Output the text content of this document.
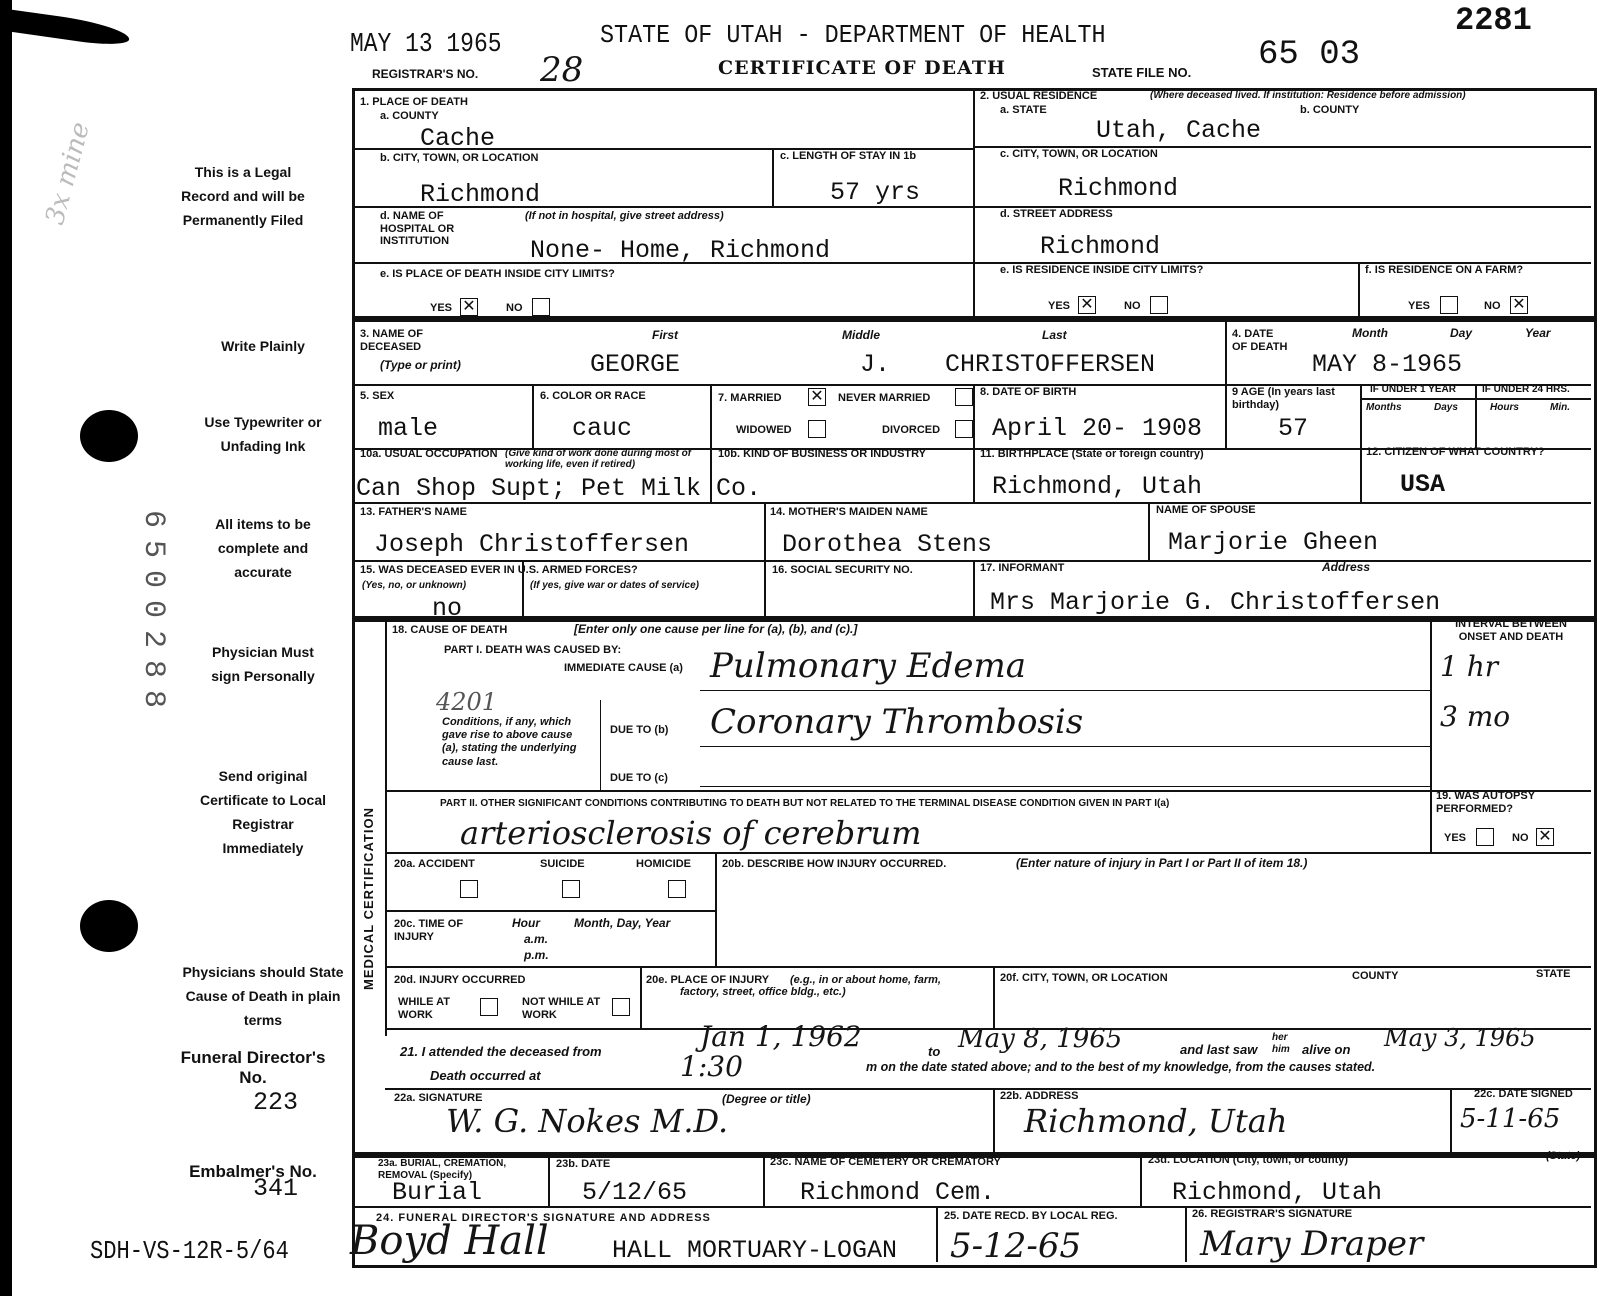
MAY 13 1965
REGISTRAR'S NO. 28
STATE OF UTAH - DEPARTMENT OF HEALTH
CERTIFICATE OF DEATH	STATE FILE NO. 65 03
2281
3x mine	This is a Legal Record and will be Permanently Filed
Write Plainly
Use Typewriter or Unfading Ink
All items to be complete and accurate
Physician Must sign Personally
Send original Certificate to Local Registrar Immediately
Physicians should State Cause of Death in plain terms
Funeral Director's No.
223
Embalmer's No.
341
SDH-VS-12R-5/64
6500288
1. PLACE OF DEATH
a. COUNTY
Cache
b. CITY, TOWN, OR LOCATION
Richmond
c. LENGTH OF STAY IN 1b
57 yrs
d. NAME OF HOSPITAL OR INSTITUTION
(If not in hospital, give street address)
None- Home, Richmond
e. IS PLACE OF DEATH INSIDE CITY LIMITS?
YES ✕	NO
2. USUAL RESIDENCE	(Where deceased lived. If institution: Residence before admission)
a. STATE	b. COUNTY
Utah, Cache
c. CITY, TOWN, OR LOCATION
Richmond
d. STREET ADDRESS
Richmond
e. IS RESIDENCE INSIDE CITY LIMITS?
YES ✕	NO
f. IS RESIDENCE ON A FARM?
YES	NO ✕
3. NAME OF DECEASED
(Type or print)
First	Middle	Last
GEORGE	J. CHRISTOFFERSEN
4. DATE OF DEATH
Month	Day	Year
MAY 8-1965
5. SEX
male
6. COLOR OR RACE
cauc
7. MARRIED ✕ NEVER MARRIED
WIDOWED	DIVORCED
8. DATE OF BIRTH
April 20- 1908
9 AGE (In years last birthday)
57
IF UNDER 1 YEAR	IF UNDER 24 HRS.
Months	Days	Hours	Min.
10a. USUAL OCCUPATION (Give kind of work done during most of working life, even if retired)
Can Shop Supt; Pet Milk Co.
10b. KIND OF BUSINESS OR INDUSTRY	11. BIRTHPLACE (State or foreign country)
Richmond, Utah
12. CITIZEN OF WHAT COUNTRY?
USA
13. FATHER'S NAME
Joseph Christoffersen
14. MOTHER'S MAIDEN NAME
Dorothea Stens
NAME OF SPOUSE
Marjorie Gheen
15. WAS DECEASED EVER IN U.S. ARMED FORCES?
(Yes, no, or unknown)	(If yes, give war or dates of service)
no
16. SOCIAL SECURITY NO.	17. INFORMANT	Address
Mrs Marjorie G. Christoffersen
MEDICAL CERTIFICATION
18. CAUSE OF DEATH	[Enter only one cause per line for (a), (b), and (c).]
PART I. DEATH WAS CAUSED BY:
IMMEDIATE CAUSE (a) Pulmonary Edema
INTERVAL BETWEEN ONSET AND DEATH
1 hr
4201
Conditions, if any, which gave rise to above cause (a), stating the underlying cause last.
DUE TO (b) Coronary Thrombosis	3 mo
DUE TO (c)
PART II. OTHER SIGNIFICANT CONDITIONS CONTRIBUTING TO DEATH BUT NOT RELATED TO THE TERMINAL DISEASE CONDITION GIVEN IN PART I(a)
arteriosclerosis of cerebrum
19. WAS AUTOPSY PERFORMED?
YES	NO ✕
20a. ACCIDENT	SUICIDE	HOMICIDE	20b. DESCRIBE HOW INJURY OCCURRED.	(Enter nature of injury in Part I or Part II of item 18.)
20c. TIME OF INJURY
Hour
a.m.
p.m.
Month, Day, Year
20d. INJURY OCCURRED
WHILE AT WORK
NOT WHILE AT WORK
20e. PLACE OF INJURY	(e.g., in or about home, farm, factory, street, office bldg., etc.)
20f. CITY, TOWN, OR LOCATION	COUNTY	STATE
21. I attended the deceased from	Jan 1, 1962	to May 8, 1965	and last saw
her him alive on May 3, 1965
Death occurred at	1:30	m on the date stated above; and to the best of my knowledge, from the causes stated.
22a. SIGNATURE	(Degree or title)
W. G. Nokes M.D.
22b. ADDRESS
Richmond, Utah
22c. DATE SIGNED
5-11-65
23a. BURIAL, CREMATION, REMOVAL (Specify)
Burial
23b. DATE
5/12/65
23c. NAME OF CEMETERY OR CREMATORY
Richmond Cem.
23d. LOCATION (City, town, or county)	(State)
Richmond, Utah
24. FUNERAL DIRECTOR'S SIGNATURE AND ADDRESS
Boyd Hall	HALL MORTUARY-LOGAN
25. DATE RECD. BY LOCAL REG.
5-12-65
26. REGISTRAR'S SIGNATURE
Mary Draper
